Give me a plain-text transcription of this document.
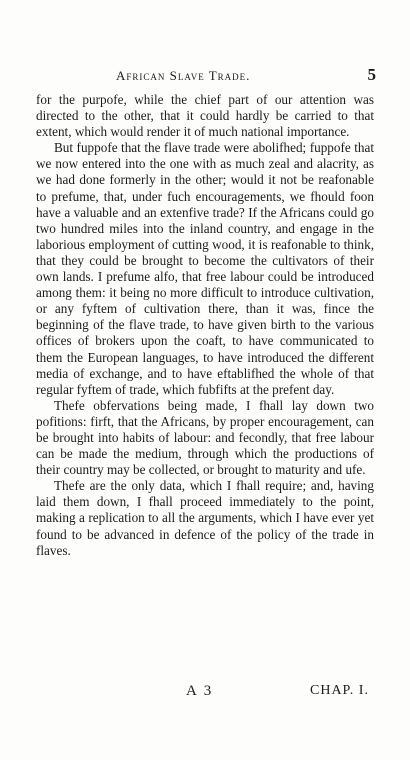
African Slave Trade.	5

for the purpofe, while the chief part of our attention was directed to the other, that it could hardly be carried to that extent, which would render it of much national importance.

But fuppofe that the flave trade were abolifhed; fuppofe that we now entered into the one with as much zeal and alacrity, as we had done formerly in the other; would it not be reafonable to prefume, that, under fuch encouragements, we fhould foon have a valuable and an extenfive trade? If the Africans could go two hundred miles into the inland country, and engage in the laborious employment of cutting wood, it is reafonable to think, that they could be brought to become the cultivators of their own lands. I prefume alfo, that free labour could be introduced among them: it being no more difficult to introduce cultivation, or any fyftem of cultivation there, than it was, fince the beginning of the flave trade, to have given birth to the various offices of brokers upon the coaft, to have communicated to them the European languages, to have introduced the different media of exchange, and to have eftablifhed the whole of that regular fyftem of trade, which fubfifts at the prefent day.

Thefe obfervations being made, I fhall lay down two pofitions: firft, that the Africans, by proper encouragement, can be brought into habits of labour: and fecondly, that free labour can be made the medium, through which the productions of their country may be collected, or brought to maturity and ufe.

Thefe are the only data, which I fhall require; and, having laid them down, I fhall proceed immediately to the point, making a replication to all the arguments, which I have ever yet found to be advanced in defence of the policy of the trade in flaves.

A 3	CHAP. I.
